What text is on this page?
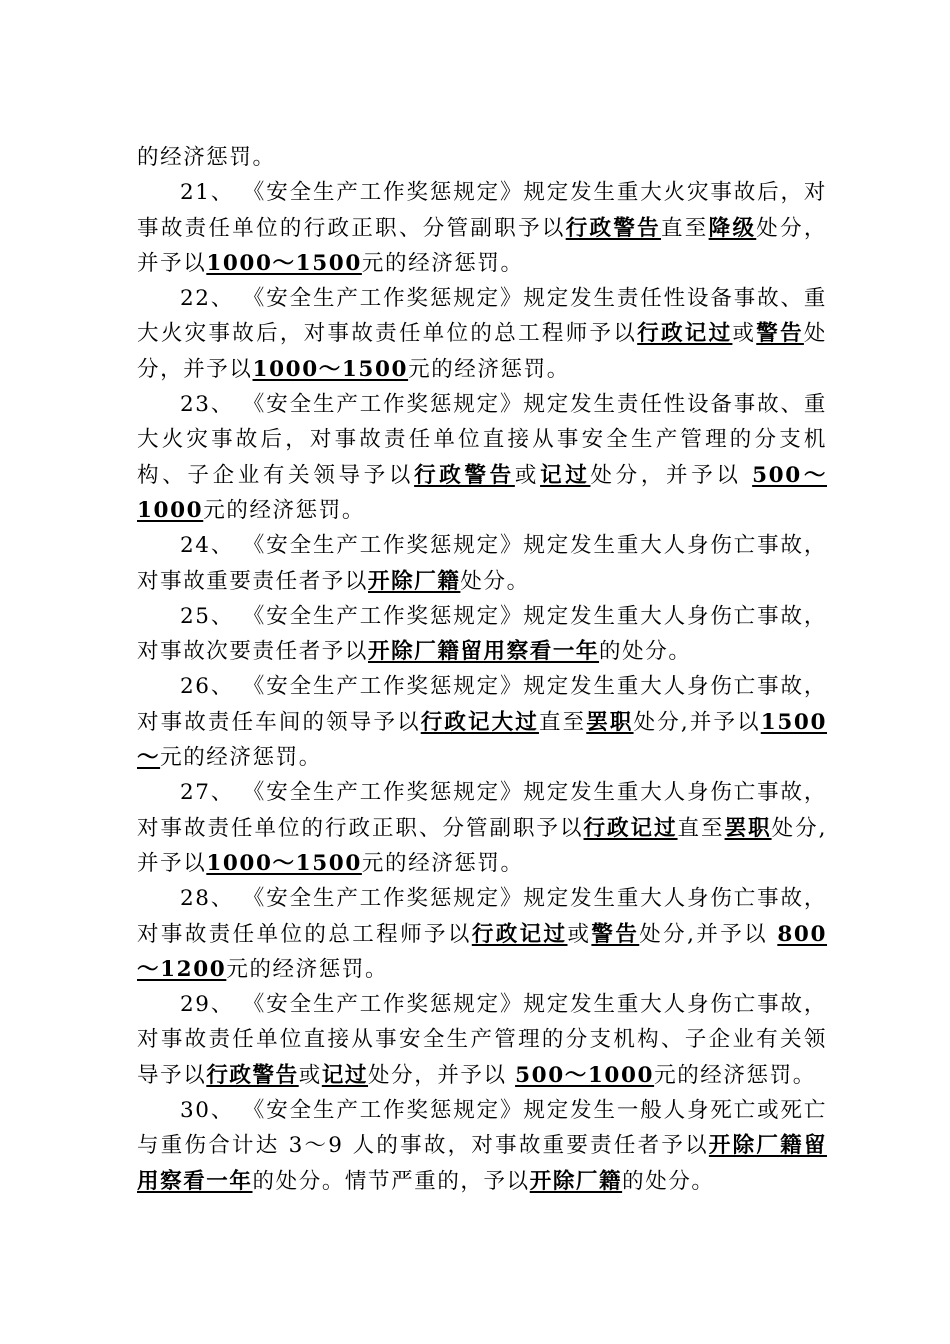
的经济惩罚。

21、 《安全生产工作奖惩规定》规定发生重大火灾事故后，对事故责任单位的行政正职、分管副职予以行政警告直至降级处分，并予以1000～1500元的经济惩罚。

22、 《安全生产工作奖惩规定》规定发生责任性设备事故、重大火灾事故后，对事故责任单位的总工程师予以行政记过或警告处分，并予以1000～1500元的经济惩罚。

23、 《安全生产工作奖惩规定》规定发生责任性设备事故、重大火灾事故后，对事故责任单位直接从事安全生产管理的分支机构、子企业有关领导予以行政警告或记过处分，并予以 500～1000元的经济惩罚。

24、 《安全生产工作奖惩规定》规定发生重大人身伤亡事故，对事故重要责任者予以开除厂籍处分。

25、 《安全生产工作奖惩规定》规定发生重大人身伤亡事故，对事故次要责任者予以开除厂籍留用察看一年的处分。

26、 《安全生产工作奖惩规定》规定发生重大人身伤亡事故，对事故责任车间的领导予以行政记大过直至罢职处分,并予以1500～元的经济惩罚。

27、 《安全生产工作奖惩规定》规定发生重大人身伤亡事故，对事故责任单位的行政正职、分管副职予以行政记过直至罢职处分,并予以1000～1500元的经济惩罚。

28、 《安全生产工作奖惩规定》规定发生重大人身伤亡事故，对事故责任单位的总工程师予以行政记过或警告处分,并予以 800～1200元的经济惩罚。

29、 《安全生产工作奖惩规定》规定发生重大人身伤亡事故，对事故责任单位直接从事安全生产管理的分支机构、子企业有关领导予以行政警告或记过处分，并予以 500～1000元的经济惩罚。

30、 《安全生产工作奖惩规定》规定发生一般人身死亡或死亡与重伤合计达 3～9 人的事故，对事故重要责任者予以开除厂籍留用察看一年的处分。情节严重的，予以开除厂籍的处分。
